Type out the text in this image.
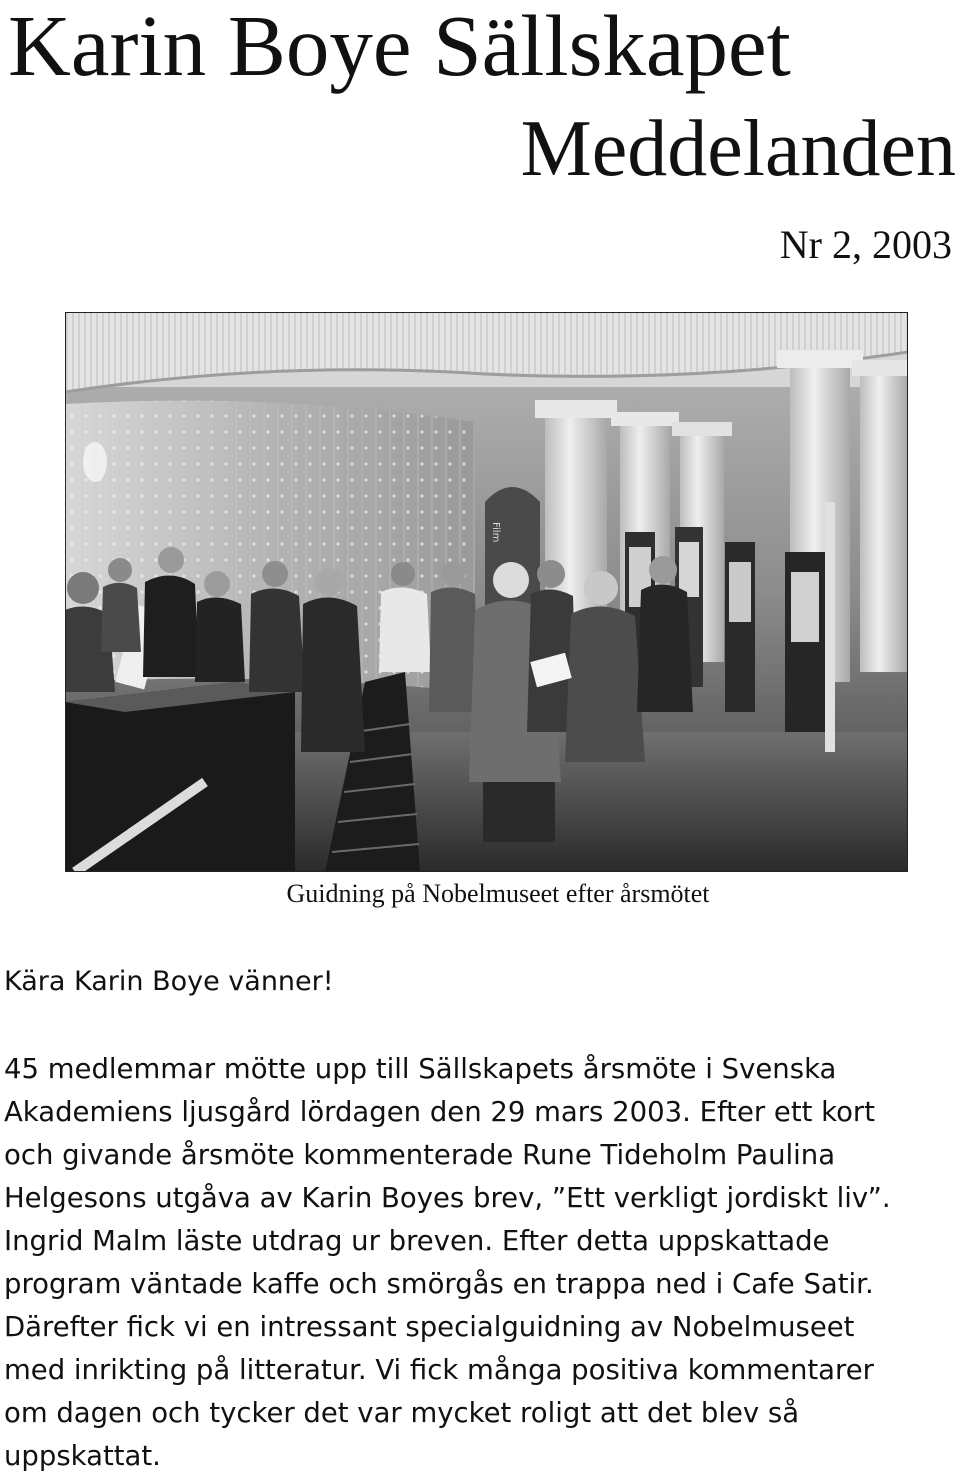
Karin Boye Sällskapet
Meddelanden
Nr 2, 2003
Film
Guidning på Nobelmuseet efter årsmötet
Kära Karin Boye vänner!
45 medlemmar mötte upp till Sällskapets årsmöte i Svenska
Akademiens ljusgård lördagen den 29 mars 2003. Efter ett kort
och givande årsmöte kommenterade Rune Tideholm Paulina
Helgesons utgåva av Karin Boyes brev, ”Ett verkligt jordiskt liv”.
Ingrid Malm läste utdrag ur breven. Efter detta uppskattade
program väntade kaffe och smörgås en trappa ned i Cafe Satir.
Därefter fick vi en intressant specialguidning av Nobelmuseet
med inrikting på litteratur. Vi fick många positiva kommentarer
om dagen och tycker det var mycket roligt att det blev så
uppskattat.
